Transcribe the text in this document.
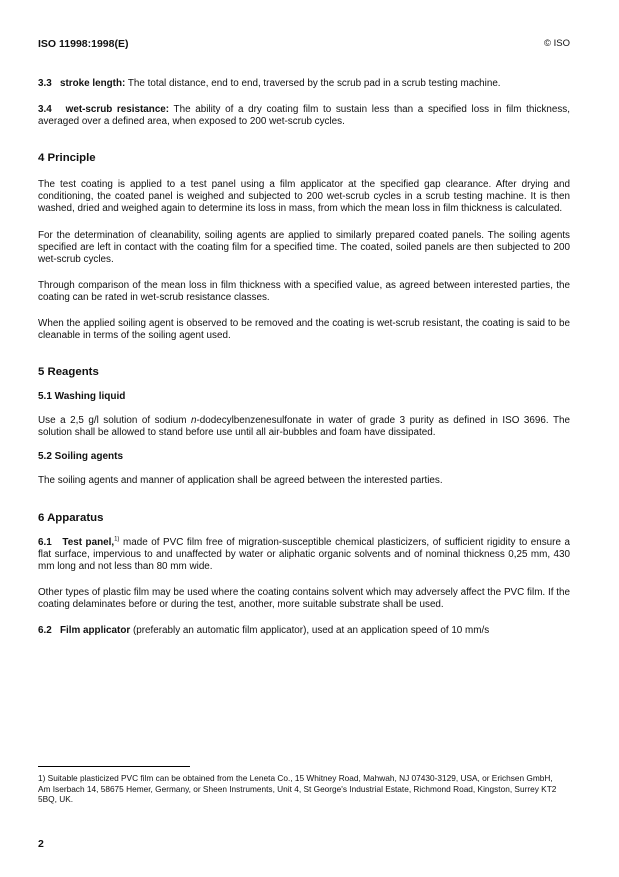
ISO 11998:1998(E)	© ISO

3.3 stroke length: The total distance, end to end, traversed by the scrub pad in a scrub testing machine.

3.4 wet-scrub resistance: The ability of a dry coating film to sustain less than a specified loss in film thickness, averaged over a defined area, when exposed to 200 wet-scrub cycles.

4 Principle

The test coating is applied to a test panel using a film applicator at the specified gap clearance. After drying and conditioning, the coated panel is weighed and subjected to 200 wet-scrub cycles in a scrub testing machine. It is then washed, dried and weighed again to determine its loss in mass, from which the mean loss in film thickness is calculated.

For the determination of cleanability, soiling agents are applied to similarly prepared coated panels. The soiling agents specified are left in contact with the coating film for a specified time. The coated, soiled panels are then subjected to 200 wet-scrub cycles.

Through comparison of the mean loss in film thickness with a specified value, as agreed between interested parties, the coating can be rated in wet-scrub resistance classes.

When the applied soiling agent is observed to be removed and the coating is wet-scrub resistant, the coating is said to be cleanable in terms of the soiling agent used.

5 Reagents
5.1 Washing liquid

Use a 2,5 g/l solution of sodium n-dodecylbenzenesulfonate in water of grade 3 purity as defined in ISO 3696. The solution shall be allowed to stand before use until all air-bubbles and foam have dissipated.

5.2 Soiling agents

The soiling agents and manner of application shall be agreed between the interested parties.

6 Apparatus

6.1 Test panel,$^{1)}$ made of PVC film free of migration-susceptible chemical plasticizers, of sufficient rigidity to ensure a flat surface, impervious to and unaffected by water or aliphatic organic solvents and of nominal thickness 0,25 mm, 430 mm long and not less than 80 mm wide.

Other types of plastic film may be used where the coating contains solvent which may adversely affect the PVC film. If the coating delaminates before or during the test, another, more suitable substrate shall be used.

6.2 Film applicator (preferably an automatic film applicator), used at an application speed of 10 mm/s

1) Suitable plasticized PVC film can be obtained from the Leneta Co., 15 Whitney Road, Mahwah, NJ 07430-3129, USA, or Erichsen GmbH, Am Iserbach 14, 58675 Hemer, Germany, or Sheen Instruments, Unit 4, St George's Industrial Estate, Richmond Road, Kingston, Surrey KT2 5BQ, UK.
2
